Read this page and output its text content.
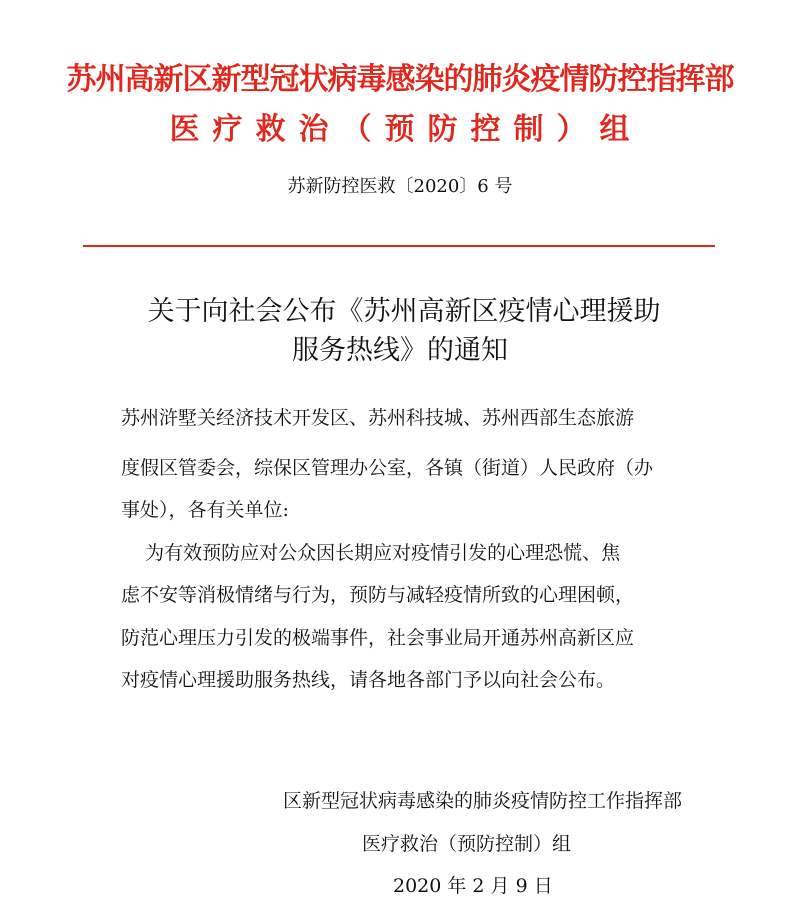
苏州高新区新型冠状病毒感染的肺炎疫情防控指挥部
医疗救治（预防控制）组
苏新防控医救〔2020〕6 号
关于向社会公布《苏州高新区疫情心理援助
服务热线》的通知
苏州浒墅关经济技术开发区、苏州科技城、苏州西部生态旅游
度假区管委会，综保区管理办公室，各镇（街道）人民政府（办
事处），各有关单位:
为有效预防应对公众因长期应对疫情引发的心理恐慌、焦
虑不安等消极情绪与行为，预防与减轻疫情所致的心理困顿，
防范心理压力引发的极端事件，社会事业局开通苏州高新区应
对疫情心理援助服务热线，请各地各部门予以向社会公布。
区新型冠状病毒感染的肺炎疫情防控工作指挥部
医疗救治（预防控制）组
2020 年 2 月 9 日
